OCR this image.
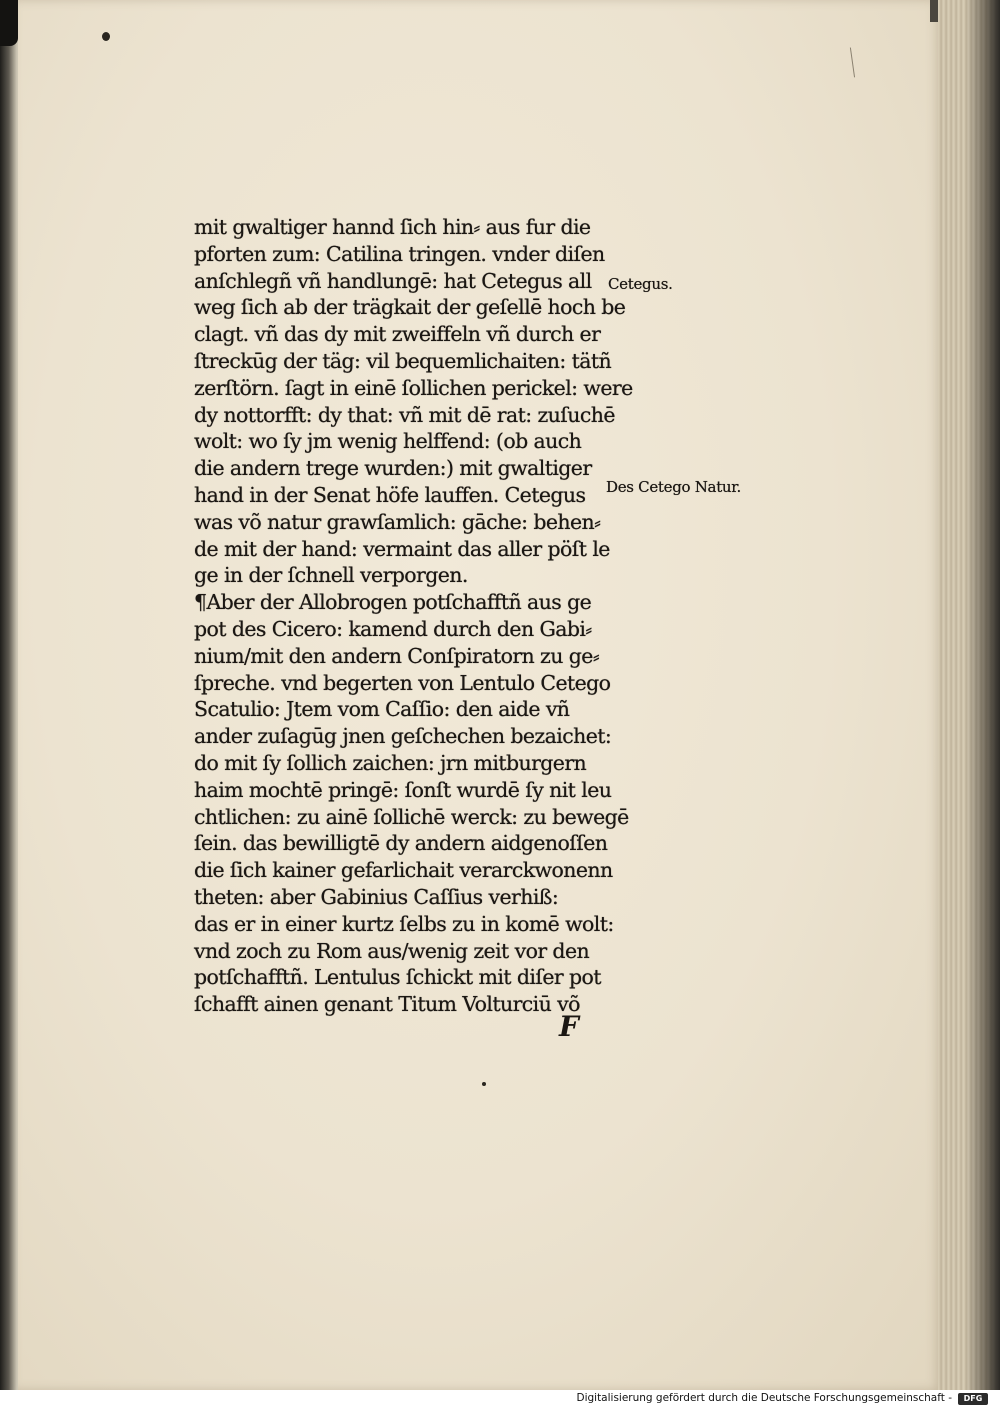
mit gwaltiger hannd ſich hin⸗ aus fur die
pforten zum: Catilina tringen. vnder diſen
anſchlegñ vñ handlungē: hat Cetegus all
weg ſich ab der trägkait der geſellē hoch be
clagt. vñ das dy mit zweiffeln vñ durch er
ſtreckūg der täg: vil bequemlichaiten: tätñ
zerſtörn. ſagt in einē ſollichen perickel: were
dy nottorfft: dy that: vñ mit dē rat: zuſuchē
wolt: wo ſy jm wenig helffend: (ob auch
die andern trege wurden:) mit gwaltiger
hand in der Senat höfe lauffen. Cetegus
was võ natur grawſamlich: gāche: behen⸗
de mit der hand: vermaint das aller pöſt le
ge in der ſchnell verporgen.
¶Aber der Allobrogen potſchafftñ aus ge
pot des Cicero: kamend durch den Gabi⸗
nium/mit den andern Conſpiratorn zu ge⸗
ſpreche. vnd begerten von Lentulo Cetego
Scatulio: Jtem vom Caſſio: den aide vñ
ander zuſagūg jnen geſchechen bezaichet:
do mit ſy ſollich zaichen: jrn mitburgern
haim mochtē pringē: ſonſt wurdē ſy nit leu
chtlichen: zu ainē ſollichē werck: zu bewegē
ſein. das bewilligtē dy andern aidgenoſſen
die ſich kainer gefarlichait verarckwonenn
theten: aber Gabinius Caſſius verhiß:
das er in einer kurtz ſelbs zu in komē wolt:
vnd zoch zu Rom aus/wenig zeit vor den
potſchafftñ. Lentulus ſchickt mit diſer pot
ſchafft ainen genant Titum Volturciū võ
Cetegus.
Des Cetego Natur.
F
Digitalisierung gefördert durch die Deutsche Forschungsgemeinschaft -	DFG
